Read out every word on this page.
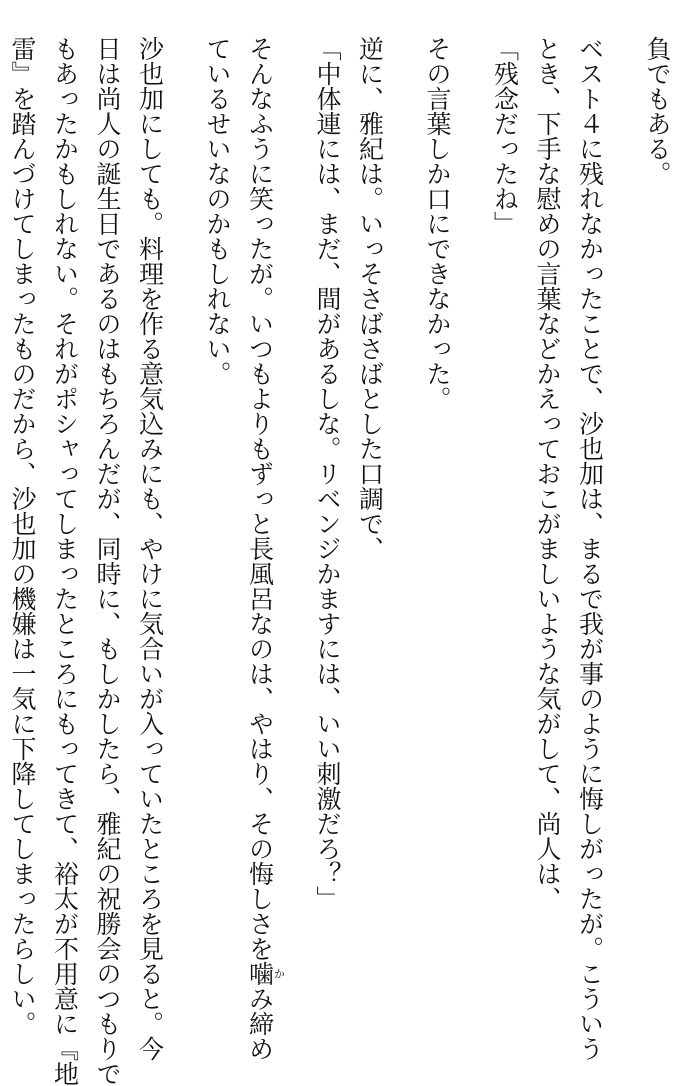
負でもある。

ベスト４に残れなかったことで、沙也加は、まるで我が事のように悔しがったが。こういう

とき、下手な慰めの言葉などかえっておこがましいような気がして、尚人は、

「残念だったね」

その言葉しか口にできなかった。

逆に、雅紀は。いっそさばさばとした口調で、

「中体連には、まだ、間があるしな。リベンジかますには、いい刺激だろ？」

そんなふうに笑ったが。いつもよりもずっと長風呂なのは、やはり、その悔しさを噛かみ締め

ているせいなのかもしれない。

沙也加にしても。料理を作る意気込みにも、やけに気合いが入っていたところを見ると。今

日は尚人の誕生日であるのはもちろんだが、同時に、もしかしたら、雅紀の祝勝会のつもりで

もあったかもしれない。それがポシャってしまったところにもってきて、裕太が不用意に『地

雷』を踏んづけてしまったものだから、沙也加の機嫌は一気に下降してしまったらしい。
